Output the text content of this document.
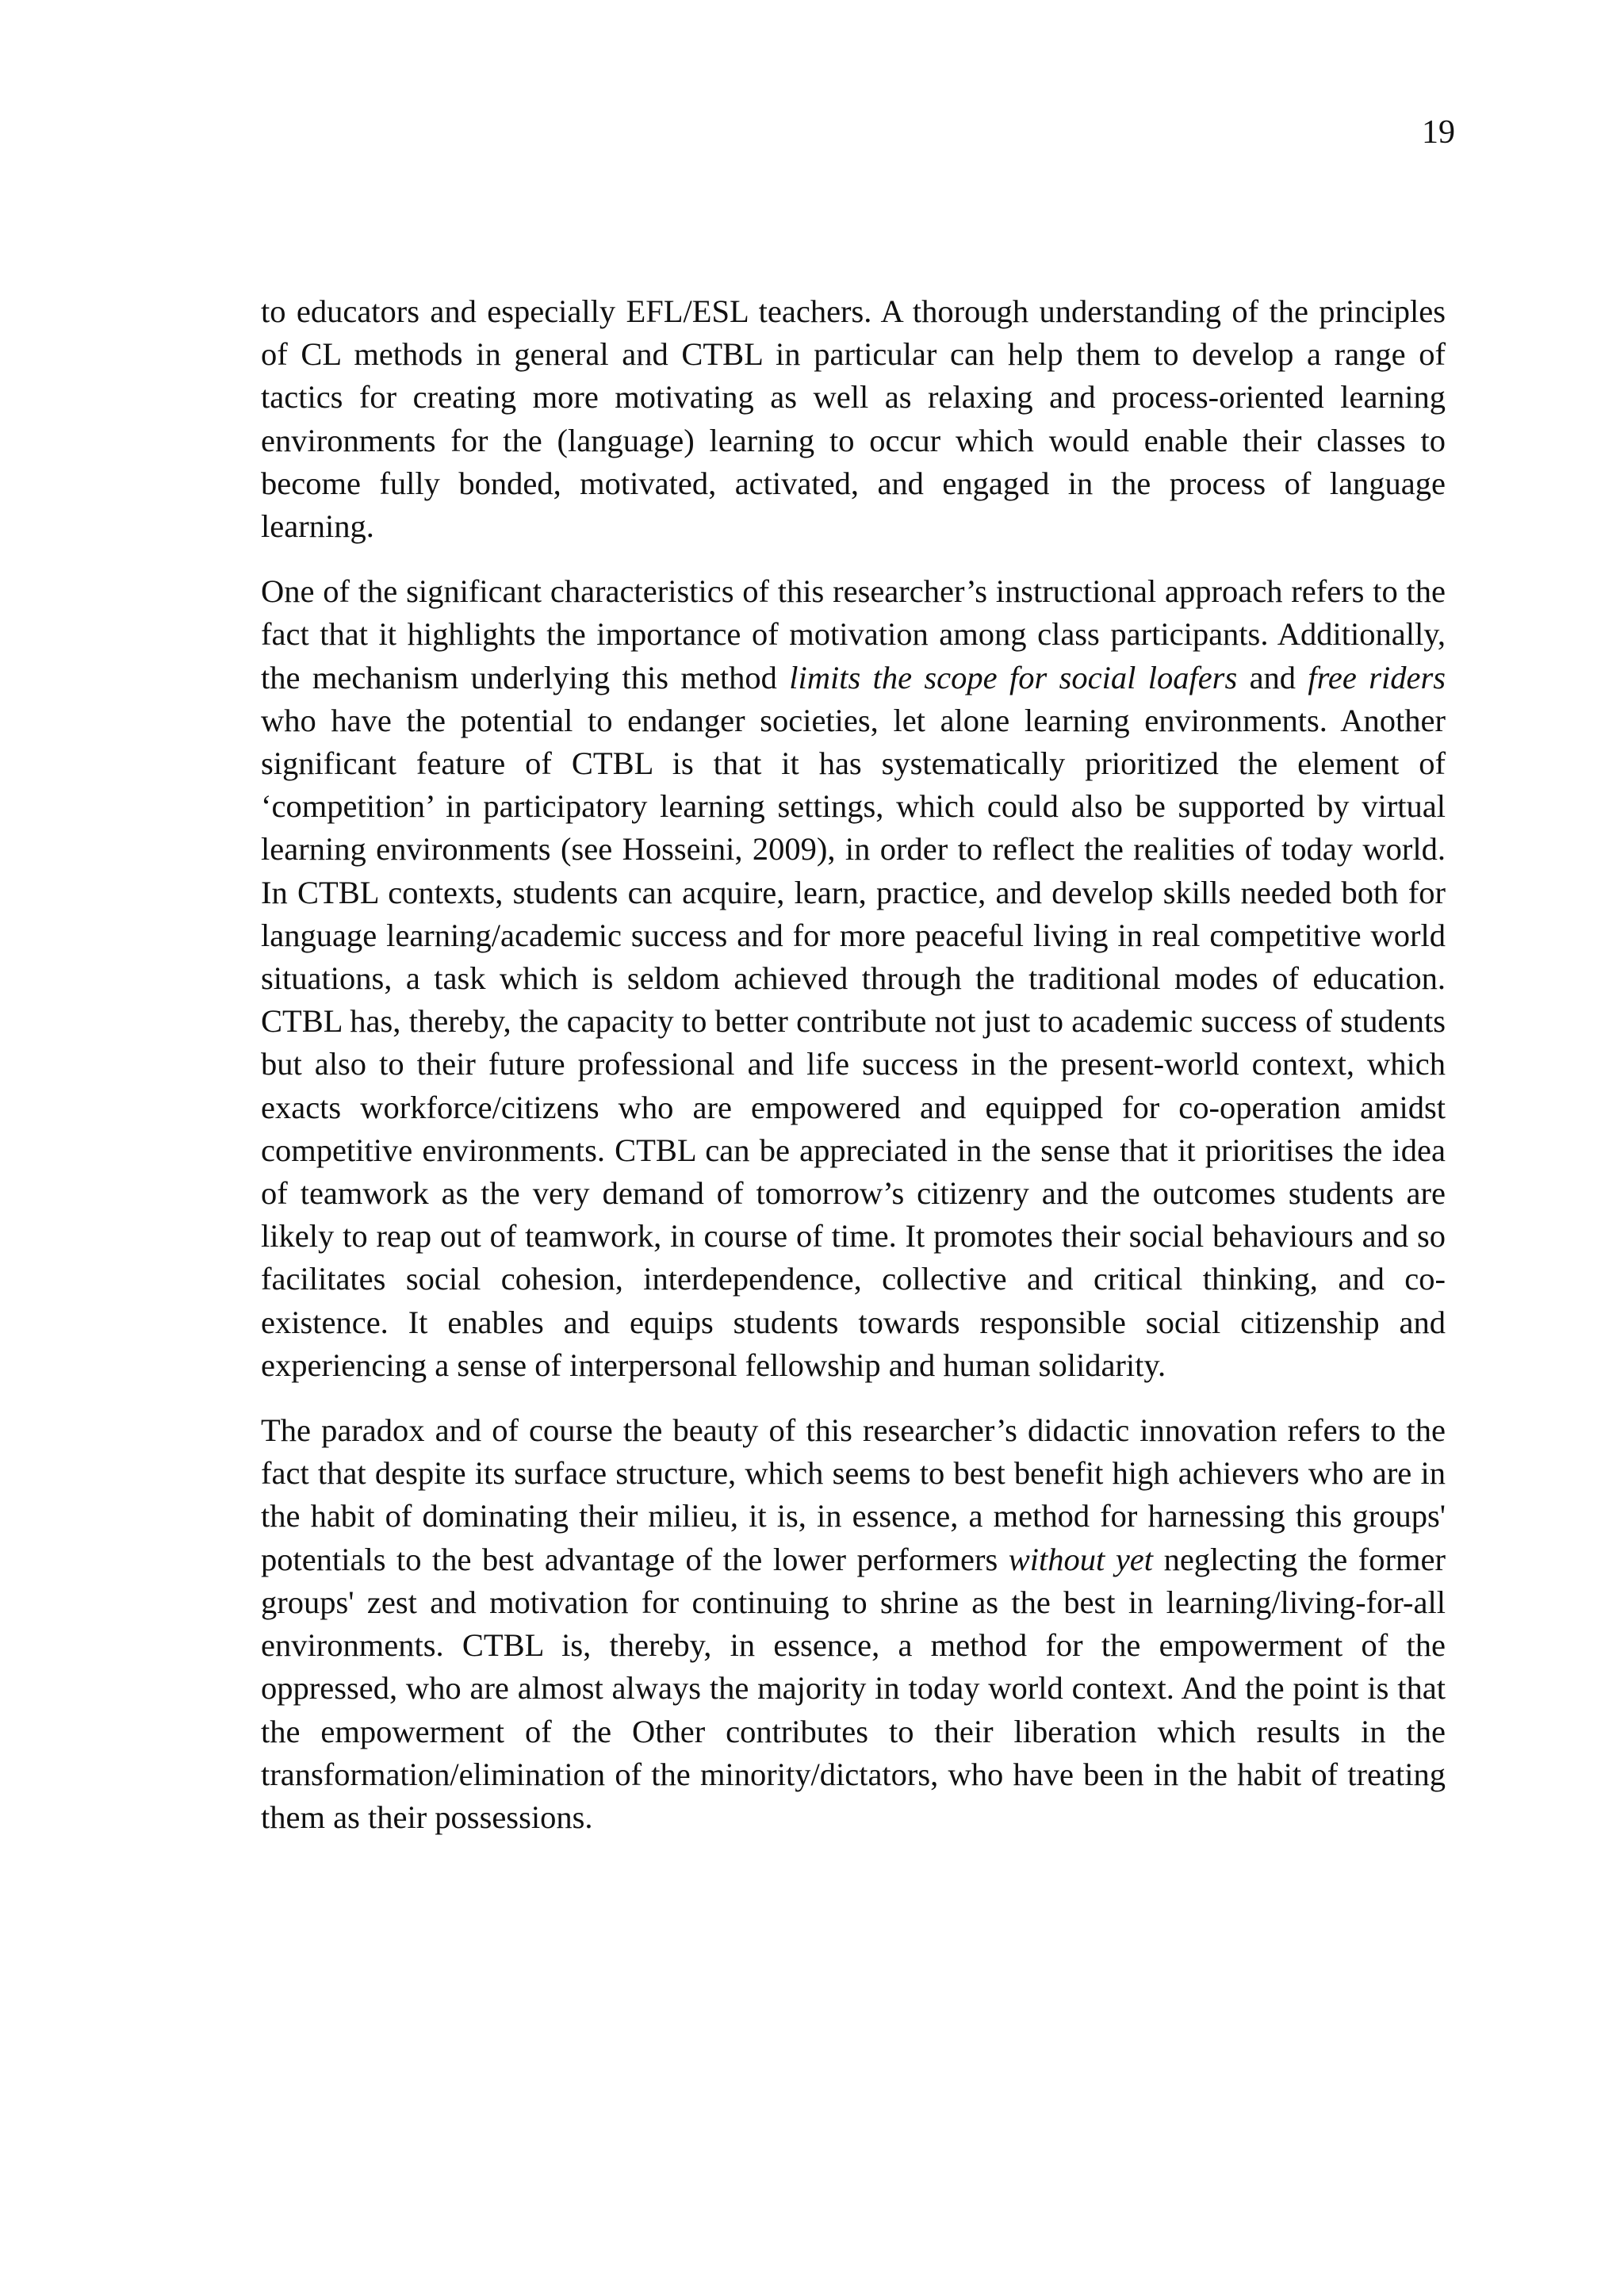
19

to educators and especially EFL/ESL teachers. A thorough understanding of the principles of CL methods in general and CTBL in particular can help them to develop a range of tactics for creating more motivating as well as relaxing and process-oriented learning environments for the (language) learning to occur which would enable their classes to become fully bonded, motivated, activated, and engaged in the process of language learning.

One of the significant characteristics of this researcher’s instructional approach refers to the fact that it highlights the importance of motivation among class participants. Additionally, the mechanism underlying this method limits the scope for social loafers and free riders who have the potential to endanger societies, let alone learning environments. Another significant feature of CTBL is that it has systematically prioritized the element of ‘competition’ in participatory learning settings, which could also be supported by virtual learning environments (see Hosseini, 2009), in order to reflect the realities of today world. In CTBL contexts, students can acquire, learn, practice, and develop skills needed both for language learning/academic success and for more peaceful living in real competitive world situations, a task which is seldom achieved through the traditional modes of education. CTBL has, thereby, the capacity to better contribute not just to academic success of students but also to their future professional and life success in the present-world context, which exacts workforce/citizens who are empowered and equipped for co-operation amidst competitive environments. CTBL can be appreciated in the sense that it prioritises the idea of teamwork as the very demand of tomorrow’s citizenry and the outcomes students are likely to reap out of teamwork, in course of time. It promotes their social behaviours and so facilitates social cohesion, interdependence, collective and critical thinking, and co-existence. It enables and equips students towards responsible social citizenship and experiencing a sense of interpersonal fellowship and human solidarity.

The paradox and of course the beauty of this researcher’s didactic innovation refers to the fact that despite its surface structure, which seems to best benefit high achievers who are in the habit of dominating their milieu, it is, in essence, a method for harnessing this groups' potentials to the best advantage of the lower performers without yet neglecting the former groups' zest and motivation for continuing to shrine as the best in learning/living-for-all environments. CTBL is, thereby, in essence, a method for the empowerment of the oppressed, who are almost always the majority in today world context. And the point is that the empowerment of the Other contributes to their liberation which results in the transformation/elimination of the minority/dictators, who have been in the habit of treating them as their possessions.
